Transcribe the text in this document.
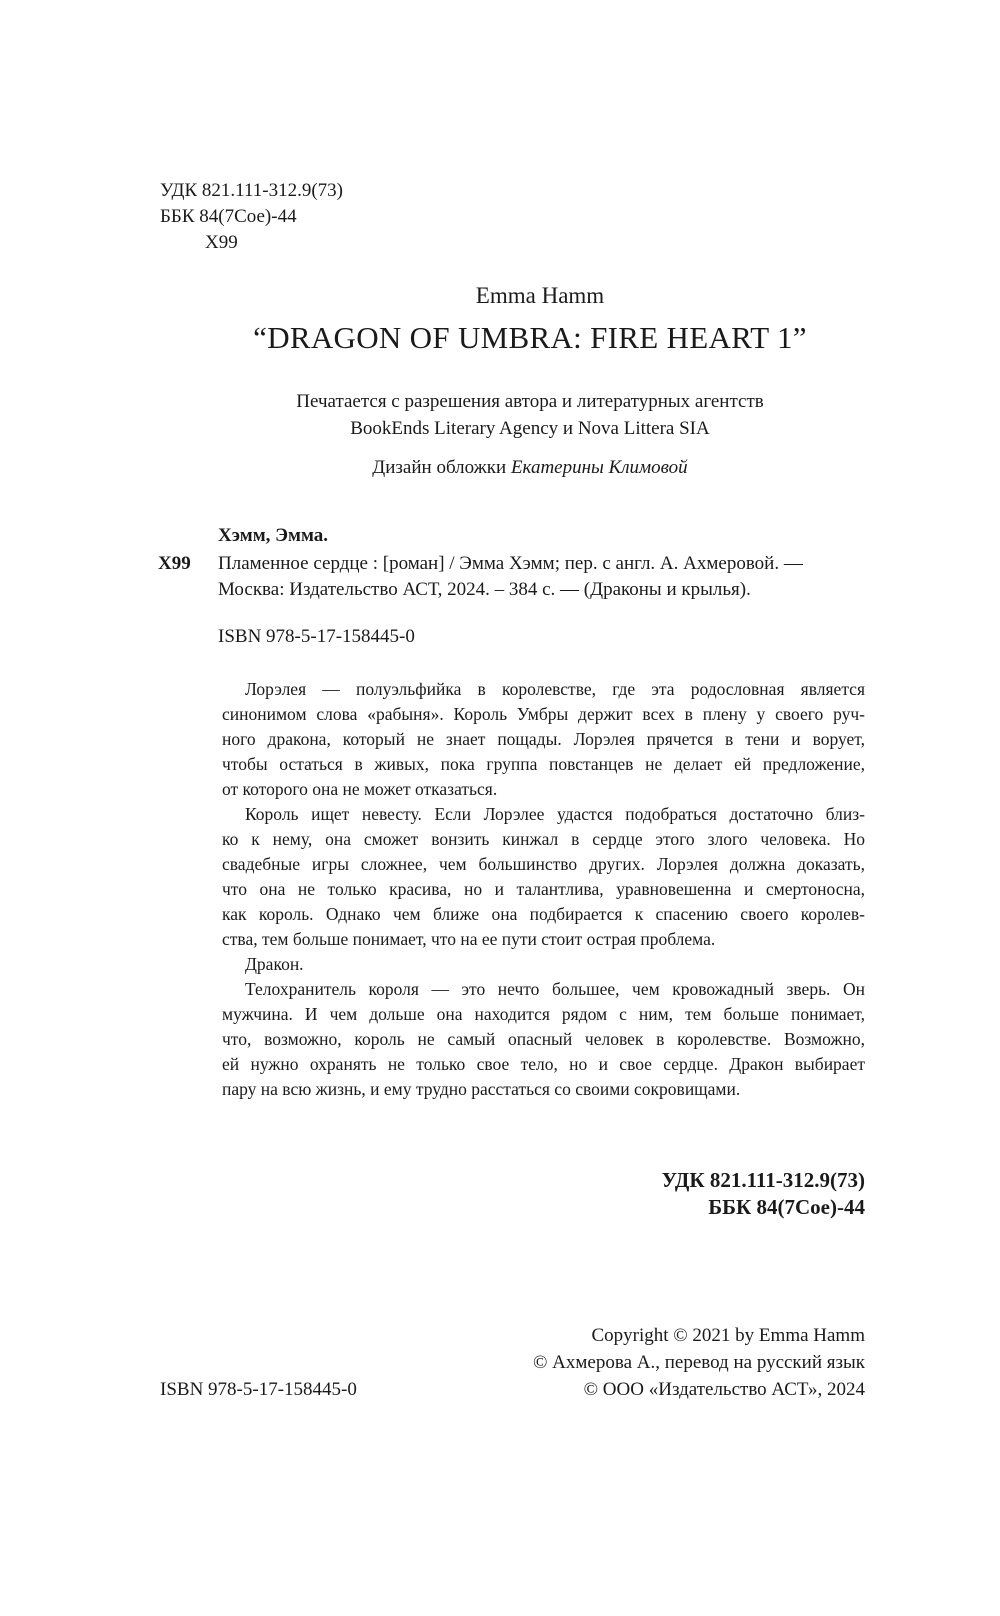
УДК 821.111-312.9(73)
ББК 84(7Сое)-44
Х99
Emma Hamm
“DRAGON OF UMBRA: FIRE HEART 1”
Печатается с разрешения автора и литературных агентств
BookEnds Literary Agency и Nova Littera SIA
Дизайн обложки Екатерины Климовой
Хэмм, Эмма.
Х99 Пламенное сердце : [роман] / Эмма Хэмм; пер. с англ. А. Ахмеровой. —
Москва: Издательство АСТ, 2024. – 384 с. — (Драконы и крылья).
ISBN 978-5-17-158445-0
Лорэлея — полуэльфийка в королевстве, где эта родословная является
синонимом слова «рабыня». Король Умбры держит всех в плену у своего руч-
ного дракона, который не знает пощады. Лорэлея прячется в тени и ворует,
чтобы остаться в живых, пока группа повстанцев не делает ей предложение,
от которого она не может отказаться.
Король ищет невесту. Если Лорэлее удастся подобраться достаточно близ-
ко к нему, она сможет вонзить кинжал в сердце этого злого человека. Но
свадебные игры сложнее, чем большинство других. Лорэлея должна доказать,
что она не только красива, но и талантлива, уравновешенна и смертоносна,
как король. Однако чем ближе она подбирается к спасению своего королев-
ства, тем больше понимает, что на ее пути стоит острая проблема.
Дракон.
Телохранитель короля — это нечто большее, чем кровожадный зверь. Он
мужчина. И чем дольше она находится рядом с ним, тем больше понимает,
что, возможно, король не самый опасный человек в королевстве. Возможно,
ей нужно охранять не только свое тело, но и свое сердце. Дракон выбирает
пару на всю жизнь, и ему трудно расстаться со своими сокровищами.
УДК 821.111-312.9(73)
ББК 84(7Сое)-44
Copyright © 2021 by Emma Hamm
© Ахмерова А., перевод на русский язык
© ООО «Издательство АСТ», 2024
ISBN 978-5-17-158445-0
